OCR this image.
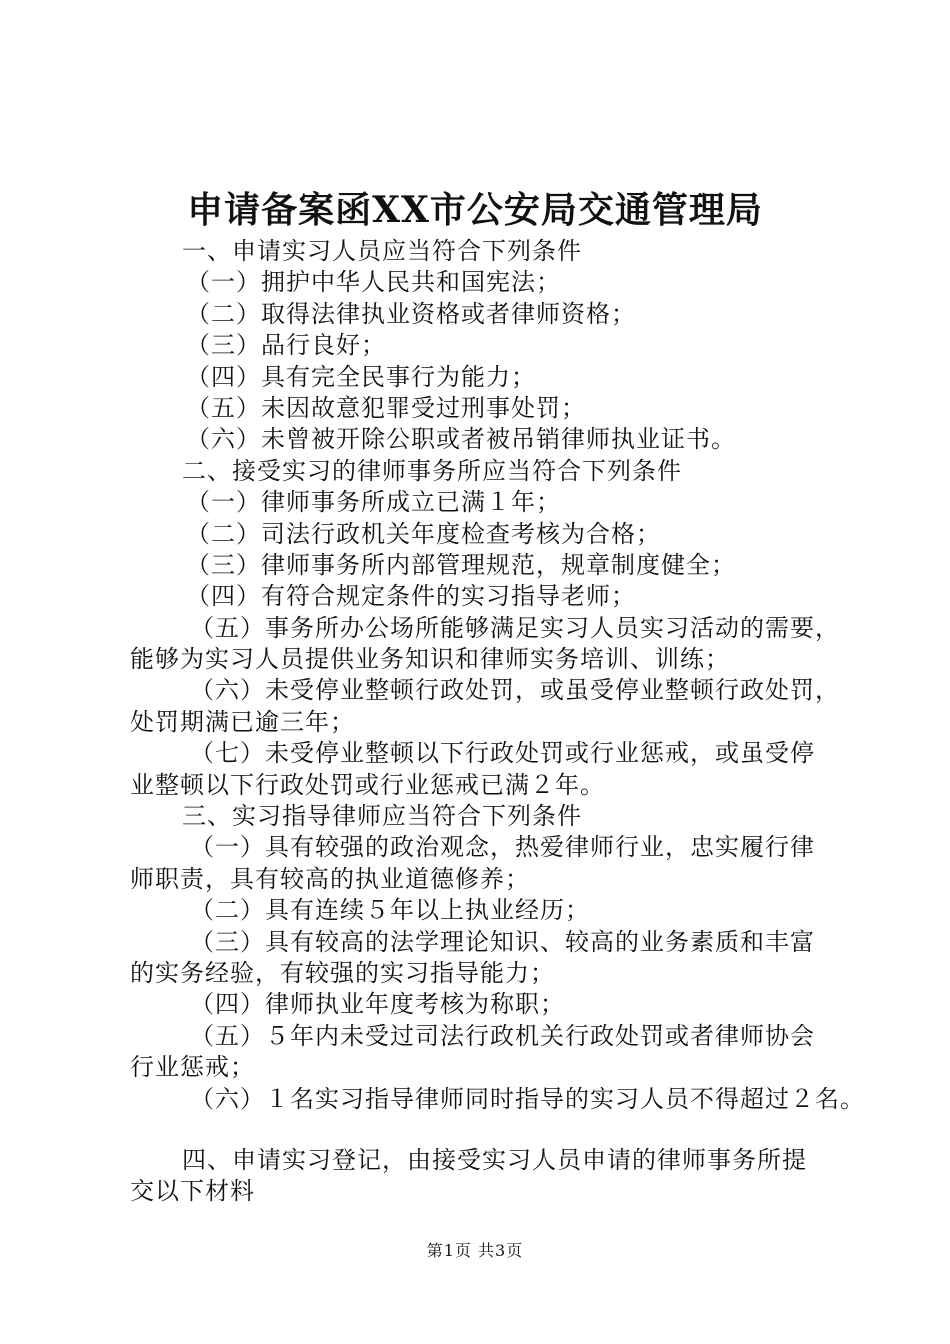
申请备案函XX市公安局交通管理局

一、申请实习人员应当符合下列条件

（一）拥护中华人民共和国宪法；

（二）取得法律执业资格或者律师资格；

（三）品行良好；

（四）具有完全民事行为能力；

（五）未因故意犯罪受过刑事处罚；

（六）未曾被开除公职或者被吊销律师执业证书。

二、接受实习的律师事务所应当符合下列条件

（一）律师事务所成立已满１年；

（二）司法行政机关年度检查考核为合格；

（三）律师事务所内部管理规范，规章制度健全；

（四）有符合规定条件的实习指导老师；

（五）事务所办公场所能够满足实习人员实习活动的需要，

能够为实习人员提供业务知识和律师实务培训、训练；

（六）未受停业整顿行政处罚，或虽受停业整顿行政处罚，

处罚期满已逾三年；

（七）未受停业整顿以下行政处罚或行业惩戒，或虽受停

业整顿以下行政处罚或行业惩戒已满２年。

三、实习指导律师应当符合下列条件

（一）具有较强的政治观念，热爱律师行业，忠实履行律

师职责，具有较高的执业道德修养；

（二）具有连续５年以上执业经历；

（三）具有较高的法学理论知识、较高的业务素质和丰富

的实务经验，有较强的实习指导能力；

（四）律师执业年度考核为称职；

（五）５年内未受过司法行政机关行政处罚或者律师协会

行业惩戒；

（六）１名实习指导律师同时指导的实习人员不得超过２名。

四、申请实习登记，由接受实习人员申请的律师事务所提

交以下材料

第1页 共3页
